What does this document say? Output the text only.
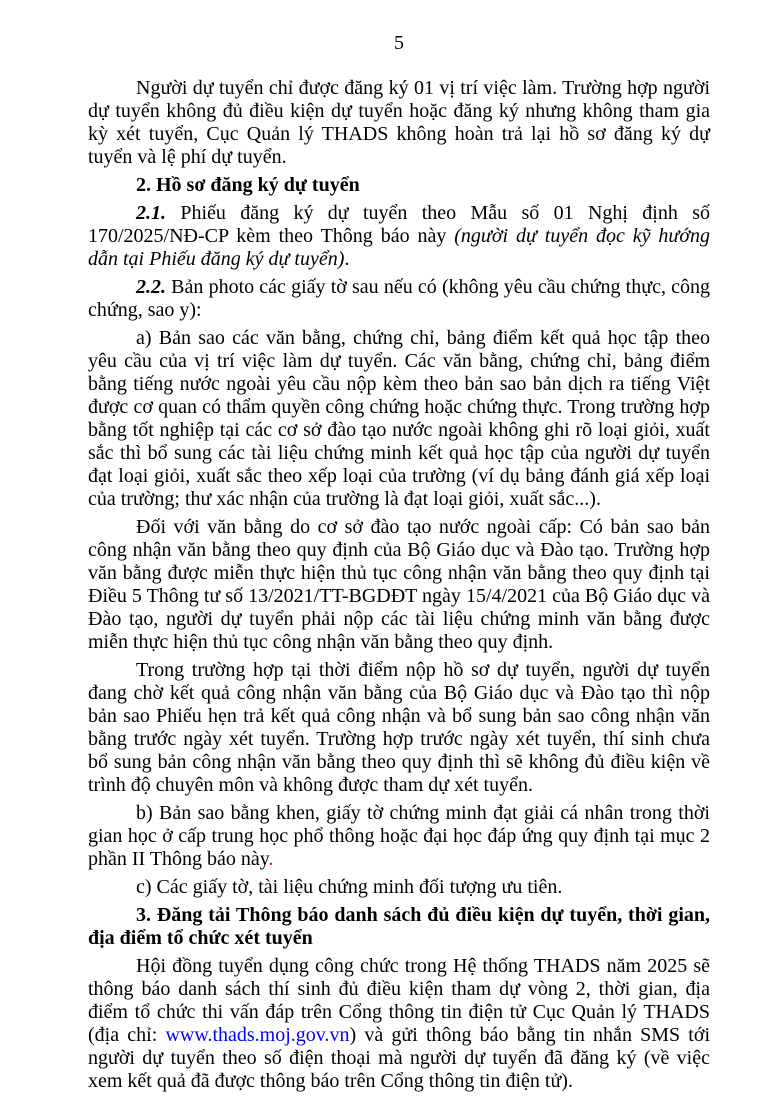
5

Người dự tuyển chỉ được đăng ký 01 vị trí việc làm. Trường hợp người dự tuyển không đủ điều kiện dự tuyển hoặc đăng ký nhưng không tham gia kỳ xét tuyển, Cục Quản lý THADS không hoàn trả lại hồ sơ đăng ký dự tuyển và lệ phí dự tuyển.

2. Hồ sơ đăng ký dự tuyển

2.1. Phiếu đăng ký dự tuyển theo Mẫu số 01 Nghị định số 170/2025/NĐ-CP kèm theo Thông báo này (người dự tuyển đọc kỹ hướng dẫn tại Phiếu đăng ký dự tuyển).

2.2. Bản photo các giấy tờ sau nếu có (không yêu cầu chứng thực, công chứng, sao y):

a) Bản sao các văn bằng, chứng chỉ, bảng điểm kết quả học tập theo yêu cầu của vị trí việc làm dự tuyển. Các văn bằng, chứng chỉ, bảng điểm bằng tiếng nước ngoài yêu cầu nộp kèm theo bản sao bản dịch ra tiếng Việt được cơ quan có thẩm quyền công chứng hoặc chứng thực. Trong trường hợp bằng tốt nghiệp tại các cơ sở đào tạo nước ngoài không ghi rõ loại giỏi, xuất sắc thì bổ sung các tài liệu chứng minh kết quả học tập của người dự tuyển đạt loại giỏi, xuất sắc theo xếp loại của trường (ví dụ bảng đánh giá xếp loại của trường; thư xác nhận của trường là đạt loại giỏi, xuất sắc...).

Đối với văn bằng do cơ sở đào tạo nước ngoài cấp: Có bản sao bản công nhận văn bằng theo quy định của Bộ Giáo dục và Đào tạo. Trường hợp văn bằng được miễn thực hiện thủ tục công nhận văn bằng theo quy định tại Điều 5 Thông tư số 13/2021/TT-BGDĐT ngày 15/4/2021 của Bộ Giáo dục và Đào tạo, người dự tuyển phải nộp các tài liệu chứng minh văn bằng được miễn thực hiện thủ tục công nhận văn bằng theo quy định.

Trong trường hợp tại thời điểm nộp hồ sơ dự tuyển, người dự tuyển đang chờ kết quả công nhận văn bằng của Bộ Giáo dục và Đào tạo thì nộp bản sao Phiếu hẹn trả kết quả công nhận và bổ sung bản sao công nhận văn bằng trước ngày xét tuyển. Trường hợp trước ngày xét tuyển, thí sinh chưa bổ sung bản công nhận văn bằng theo quy định thì sẽ không đủ điều kiện về trình độ chuyên môn và không được tham dự xét tuyển.

b) Bản sao bằng khen, giấy tờ chứng minh đạt giải cá nhân trong thời gian học ở cấp trung học phổ thông hoặc đại học đáp ứng quy định tại mục 2 phần II Thông báo này.

c) Các giấy tờ, tài liệu chứng minh đối tượng ưu tiên.

3. Đăng tải Thông báo danh sách đủ điều kiện dự tuyển, thời gian, địa điểm tổ chức xét tuyển

Hội đồng tuyển dụng công chức trong Hệ thống THADS năm 2025 sẽ thông báo danh sách thí sinh đủ điều kiện tham dự vòng 2, thời gian, địa điểm tổ chức thi vấn đáp trên Cổng thông tin điện tử Cục Quản lý THADS (địa chỉ: www.thads.moj.gov.vn) và gửi thông báo bằng tin nhắn SMS tới người dự tuyển theo số điện thoại mà người dự tuyển đã đăng ký (về việc xem kết quả đã được thông báo trên Cổng thông tin điện tử).
